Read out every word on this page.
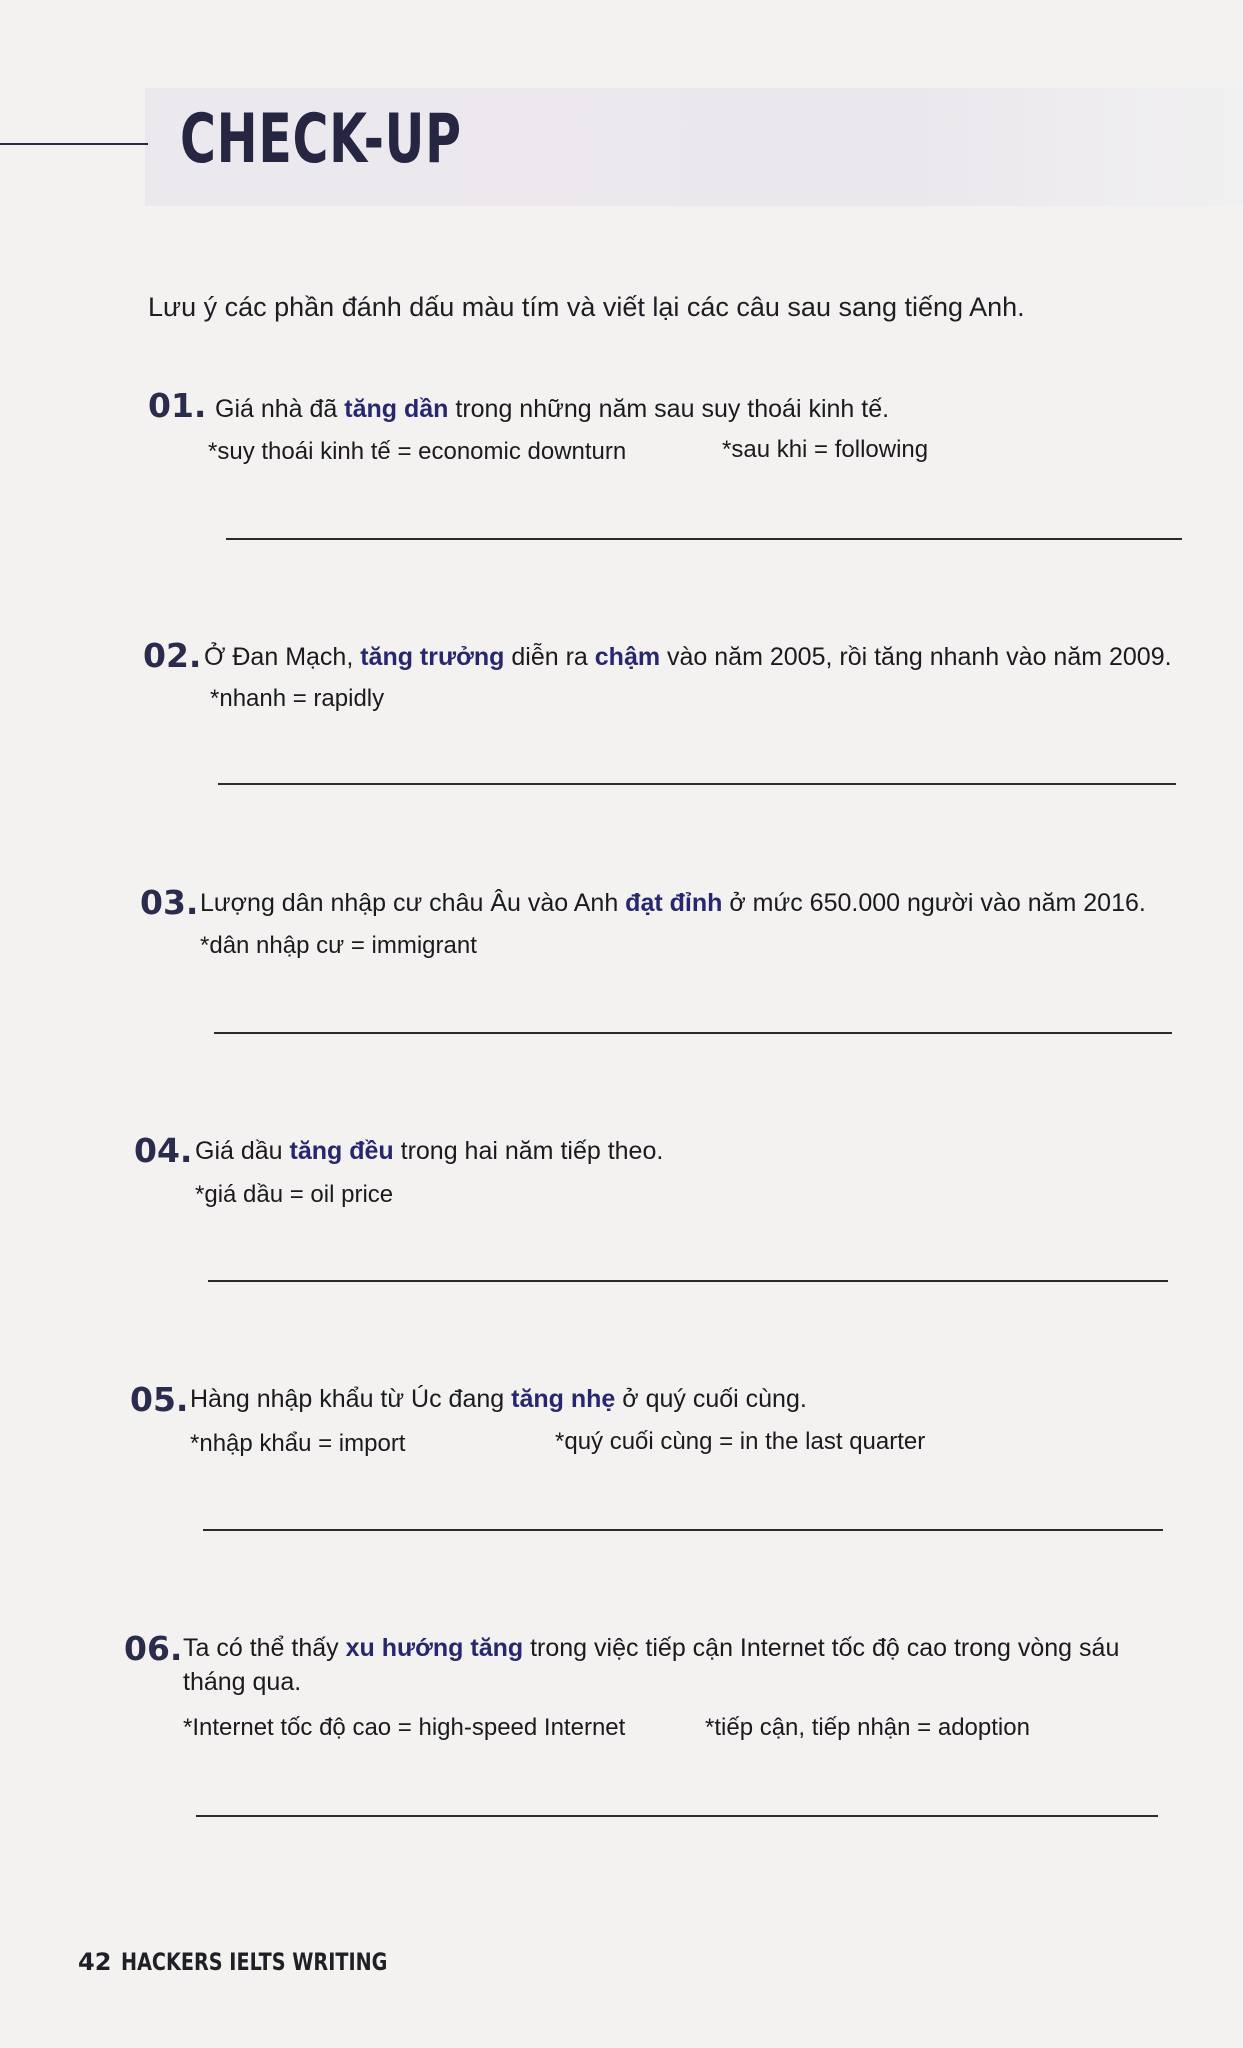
CHECK-UP
Lưu ý các phần đánh dấu màu tím và viết lại các câu sau sang tiếng Anh.
01. Giá nhà đã tăng dần trong những năm sau suy thoái kinh tế.
*suy thoái kinh tế = economic downturn	*sau khi = following
02. Ở Đan Mạch, tăng trưởng diễn ra chậm vào năm 2005, rồi tăng nhanh vào năm 2009.
*nhanh = rapidly
03. Lượng dân nhập cư châu Âu vào Anh đạt đỉnh ở mức 650.000 người vào năm 2016.
*dân nhập cư = immigrant
04. Giá dầu tăng đều trong hai năm tiếp theo.
*giá dầu = oil price
05. Hàng nhập khẩu từ Úc đang tăng nhẹ ở quý cuối cùng.
*nhập khẩu = import	*quý cuối cùng = in the last quarter
06. Ta có thể thấy xu hướng tăng trong việc tiếp cận Internet tốc độ cao trong vòng sáu tháng qua.
*Internet tốc độ cao = high-speed Internet	*tiếp cận, tiếp nhận = adoption
42 HACKERS IELTS WRITING
